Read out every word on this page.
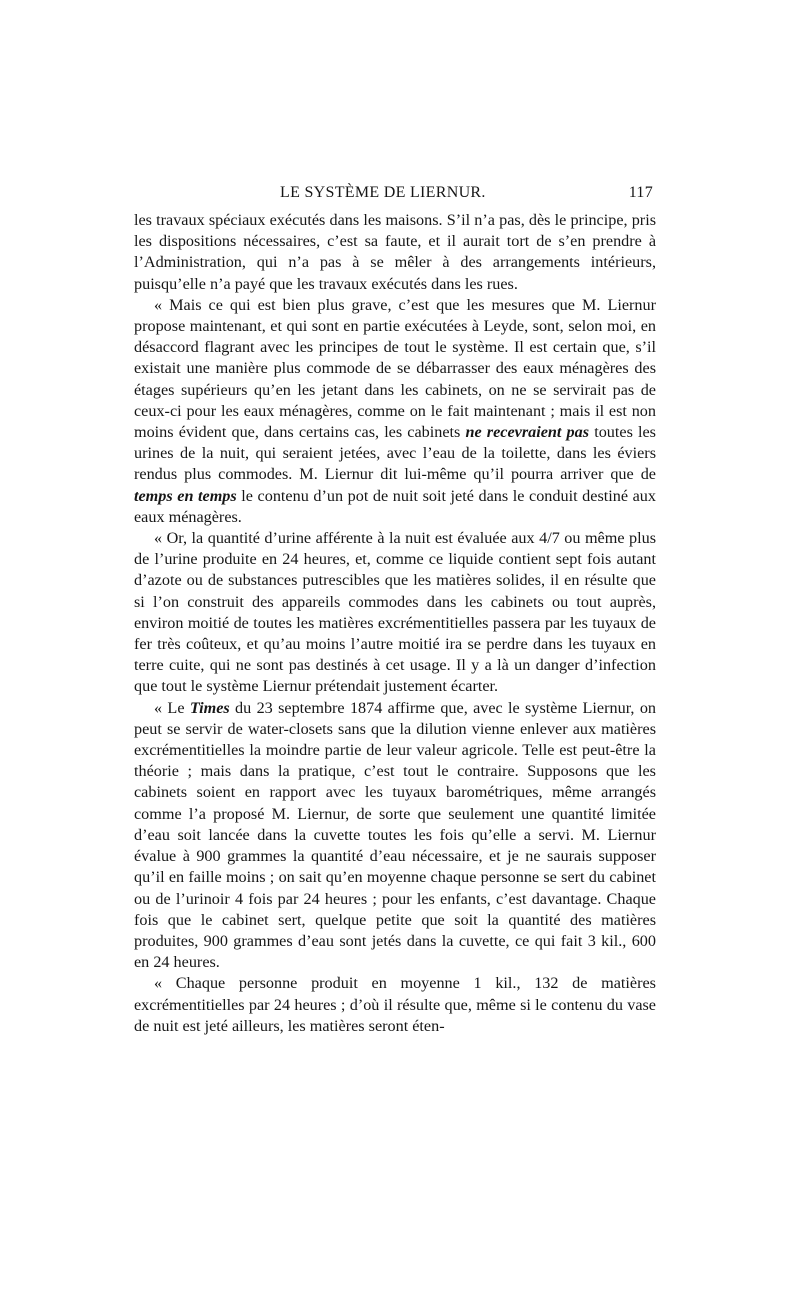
LE SYSTÈME DE LIERNUR.	117

les travaux spéciaux exécutés dans les maisons. S’il n’a pas, dès le principe, pris les dispositions nécessaires, c’est sa faute, et il aurait tort de s’en prendre à l’Administration, qui n’a pas à se mêler à des arrangements intérieurs, puisqu’elle n’a payé que les travaux exécutés dans les rues.

« Mais ce qui est bien plus grave, c’est que les mesures que M. Liernur propose maintenant, et qui sont en partie exécutées à Leyde, sont, selon moi, en désaccord flagrant avec les principes de tout le système. Il est certain que, s’il existait une manière plus commode de se débarrasser des eaux ménagères des étages supérieurs qu’en les jetant dans les cabinets, on ne se servirait pas de ceux-ci pour les eaux ménagères, comme on le fait maintenant ; mais il est non moins évident que, dans certains cas, les cabinets ne recevraient pas toutes les urines de la nuit, qui seraient jetées, avec l’eau de la toilette, dans les éviers rendus plus commodes. M. Liernur dit lui-même qu’il pourra arriver que de temps en temps le contenu d’un pot de nuit soit jeté dans le conduit destiné aux eaux ménagères.

« Or, la quantité d’urine afférente à la nuit est évaluée aux 4/7 ou même plus de l’urine produite en 24 heures, et, comme ce liquide contient sept fois autant d’azote ou de substances putrescibles que les matières solides, il en résulte que si l’on construit des appareils commodes dans les cabinets ou tout auprès, environ moitié de toutes les matières excrémentitielles passera par les tuyaux de fer très coûteux, et qu’au moins l’autre moitié ira se perdre dans les tuyaux en terre cuite, qui ne sont pas destinés à cet usage. Il y a là un danger d’infection que tout le système Liernur prétendait justement écarter.

« Le Times du 23 septembre 1874 affirme que, avec le système Liernur, on peut se servir de water-closets sans que la dilution vienne enlever aux matières excrémentitielles la moindre partie de leur valeur agricole. Telle est peut-être la théorie ; mais dans la pratique, c’est tout le contraire. Supposons que les cabinets soient en rapport avec les tuyaux barométriques, même arrangés comme l’a proposé M. Liernur, de sorte que seulement une quantité limitée d’eau soit lancée dans la cuvette toutes les fois qu’elle a servi. M. Liernur évalue à 900 grammes la quantité d’eau nécessaire, et je ne saurais supposer qu’il en faille moins ; on sait qu’en moyenne chaque personne se sert du cabinet ou de l’urinoir 4 fois par 24 heures ; pour les enfants, c’est davantage. Chaque fois que le cabinet sert, quelque petite que soit la quantité des matières produites, 900 grammes d’eau sont jetés dans la cuvette, ce qui fait 3 kil., 600 en 24 heures.

« Chaque personne produit en moyenne 1 kil., 132 de matières excrémentitielles par 24 heures ; d’où il résulte que, même si le contenu du vase de nuit est jeté ailleurs, les matières seront éten-
